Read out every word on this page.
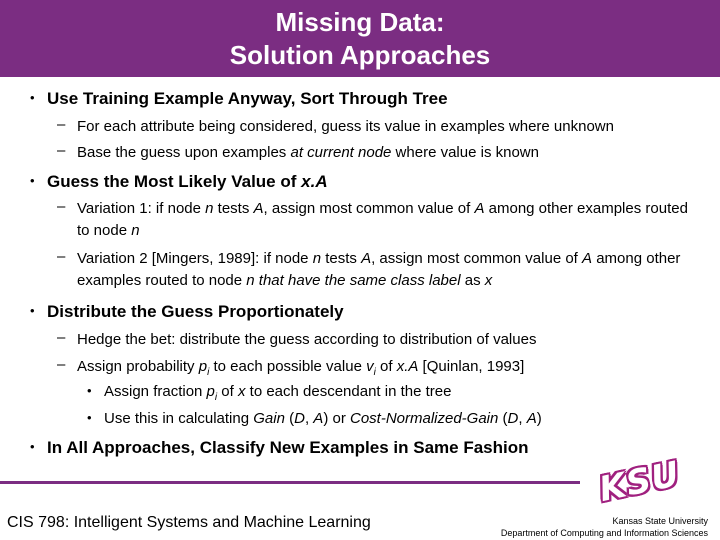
Missing Data:
Solution Approaches
• Use Training Example Anyway, Sort Through Tree
– For each attribute being considered, guess its value in examples where unknown
– Base the guess upon examples at current node where value is known
• Guess the Most Likely Value of x.A
– Variation 1: if node n tests A, assign most common value of A among other examples routed to node n
– Variation 2 [Mingers, 1989]: if node n tests A, assign most common value of A among other examples routed to node n that have the same class label as x
• Distribute the Guess Proportionately
– Hedge the bet: distribute the guess according to distribution of values
– Assign probability $p_i$ to each possible value $v_i$ of x.A [Quinlan, 1993]
• Assign fraction $p_i$ of x to each descendant in the tree
• Use this in calculating Gain (D, A) or Cost-Normalized-Gain (D, A)
• In All Approaches, Classify New Examples in Same Fashion
CIS 798: Intelligent Systems and Machine Learning
KSU
Kansas State University
Department of Computing and Information Sciences
